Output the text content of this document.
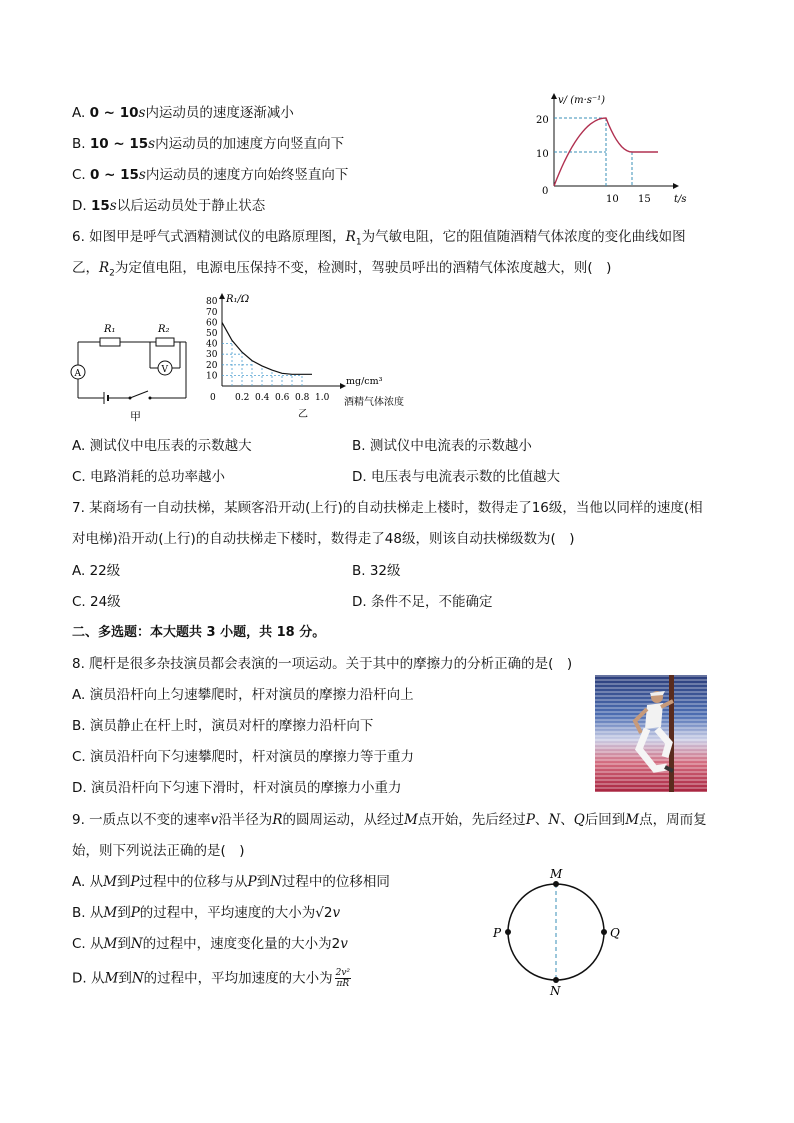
A. 0 ~ 10s内运动员的速度逐渐减小
B. 10 ~ 15s内运动员的加速度方向竖直向下
C. 0 ~ 15s内运动员的速度方向始终竖直向下
D. 15s以后运动员处于静止状态
v/ (m·s⁻¹)
t/s
0
10
20
10 15
6. 如图甲是呼气式酒精测试仪的电路原理图，$R_1$为气敏电阻，它的阻值随酒精气体浓度的变化曲线如图
乙，$R_2$为定值电阻，电源电压保持不变，检测时，驾驶员呼出的酒精气体浓度越大，则(　)
A	V
R₁	R₂
甲
R₁/Ω
0
mg/cm³
酒精气体浓度
乙
10
20
30
40
50
60
70
80
0.2 0.4 0.6 0.8 1.0
A. 测试仪中电压表的示数越大	B. 测试仪中电流表的示数越小
C. 电路消耗的总功率越小	D. 电压表与电流表示数的比值越大
7. 某商场有一自动扶梯，某顾客沿开动(上行)的自动扶梯走上楼时，数得走了16级，当他以同样的速度(相
对电梯)沿开动(上行)的自动扶梯走下楼时，数得走了48级，则该自动扶梯级数为(　)
A. 22级	B. 32级
C. 24级	D. 条件不足，不能确定
二、多选题：本大题共 3 小题，共 18 分。
8. 爬杆是很多杂技演员都会表演的一项运动。关于其中的摩擦力的分析正确的是(　)
A. 演员沿杆向上匀速攀爬时，杆对演员的摩擦力沿杆向上
B. 演员静止在杆上时，演员对杆的摩擦力沿杆向下
C. 演员沿杆向下匀速攀爬时，杆对演员的摩擦力等于重力
D. 演员沿杆向下匀速下滑时，杆对演员的摩擦力小重力
9. 一质点以不变的速率v沿半径为R的圆周运动，从经过M点开始，先后经过P、N、Q后回到M点，周而复
始，则下列说法正确的是(　)
A. 从M到P过程中的位移与从P到N过程中的位移相同
B. 从M到P的过程中，平均速度的大小为√2v
C. 从M到N的过程中，速度变化量的大小为2v
D. 从M到N的过程中，平均加速度的大小为 $\frac{\text{2v²}}{\pi R}$
M
N
P	Q
